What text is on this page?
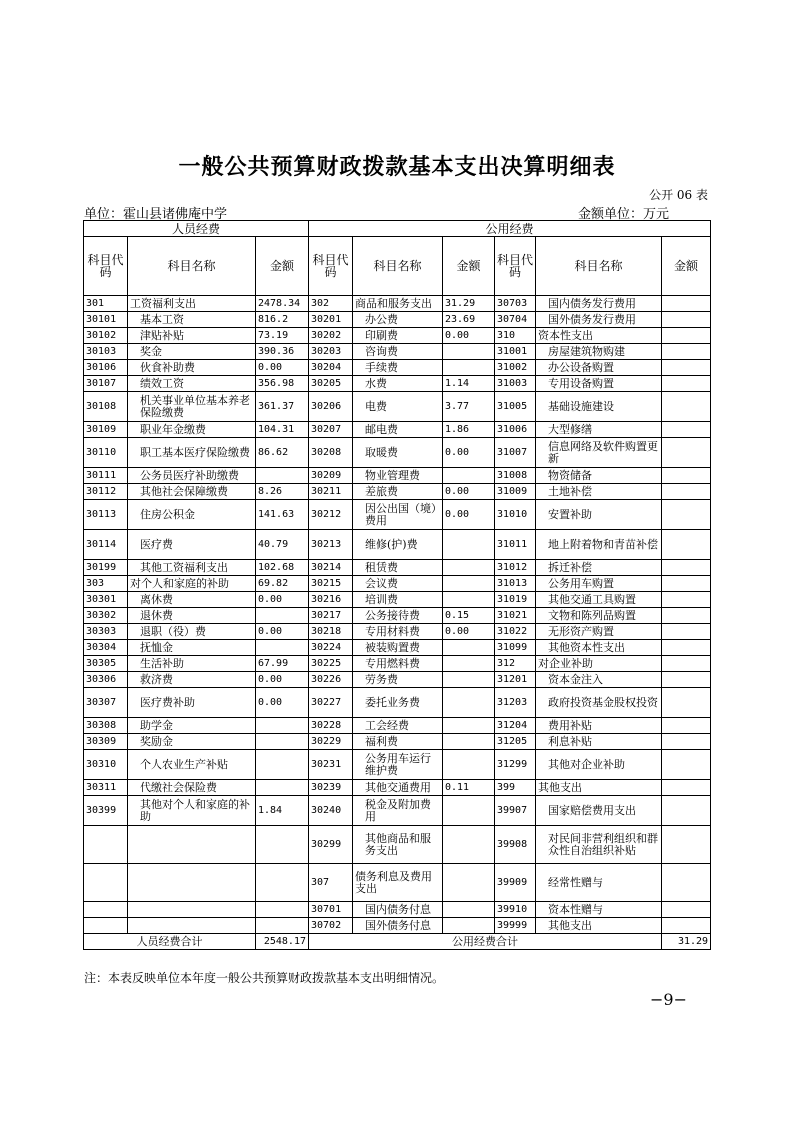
一般公共预算财政拨款基本支出决算明细表
公开 06 表
单位：霍山县诸佛庵中学	金额单位：万元
人员经费			公用经费					
科目代码	科目名称	金额	科目代码	科目名称	金额	科目代码	科目名称	金额
301	工资福利支出	2478.34	302	商品和服务支出	31.29	30703	国内债务发行费用	
30101	基本工资	816.2	30201	办公费	23.69	30704	国外债务发行费用	
30102	津贴补贴	73.19	30202	印刷费	0.00	310	资本性支出	
30103	奖金	390.36	30203	咨询费		31001	房屋建筑物购建	
30106	伙食补助费	0.00	30204	手续费		31002	办公设备购置	
30107	绩效工资	356.98	30205	水费	1.14	31003	专用设备购置	
30108	机关事业单位基本养老保险缴费	361.37	30206	电费	3.77	31005	基础设施建设	
30109	职业年金缴费	104.31	30207	邮电费	1.86	31006	大型修缮	
30110	职工基本医疗保险缴费	86.62	30208	取暖费	0.00	31007	信息网络及软件购置更新	
30111	公务员医疗补助缴费		30209	物业管理费		31008	物资储备	
30112	其他社会保障缴费	8.26	30211	差旅费	0.00	31009	土地补偿	
30113	住房公积金	141.63	30212	因公出国（境）费用	0.00	31010	安置补助	
30114	医疗费	40.79	30213	维修(护)费		31011	地上附着物和青苗补偿	
30199	其他工资福利支出	102.68	30214	租赁费		31012	拆迁补偿	
303	对个人和家庭的补助	69.82	30215	会议费		31013	公务用车购置	
30301	离休费	0.00	30216	培训费		31019	其他交通工具购置	
30302	退休费		30217	公务接待费	0.15	31021	文物和陈列品购置	
30303	退职（役）费	0.00	30218	专用材料费	0.00	31022	无形资产购置	
30304	抚恤金		30224	被装购置费		31099	其他资本性支出	
30305	生活补助	67.99	30225	专用燃料费		312	对企业补助	
30306	救济费	0.00	30226	劳务费		31201	资本金注入	
30307	医疗费补助	0.00	30227	委托业务费		31203	政府投资基金股权投资	
30308	助学金		30228	工会经费		31204	费用补贴	
30309	奖励金		30229	福利费		31205	利息补贴	
30310	个人农业生产补贴		30231	公务用车运行维护费		31299	其他对企业补助	
30311	代缴社会保险费		30239	其他交通费用	0.11	399	其他支出	
30399	其他对个人和家庭的补助	1.84	30240	税金及附加费用		39907	国家赔偿费用支出	
			30299	其他商品和服务支出		39908	对民间非营利组织和群众性自治组织补贴	
			307	债务利息及费用支出		39909	经常性赠与	
			30701	国内债务付息		39910	资本性赠与	
			30702	国外债务付息		39999	其他支出	
人员经费合计		2548.17	公用经费合计					31.29
注：本表反映单位本年度一般公共预算财政拨款基本支出明细情况。
−9−
